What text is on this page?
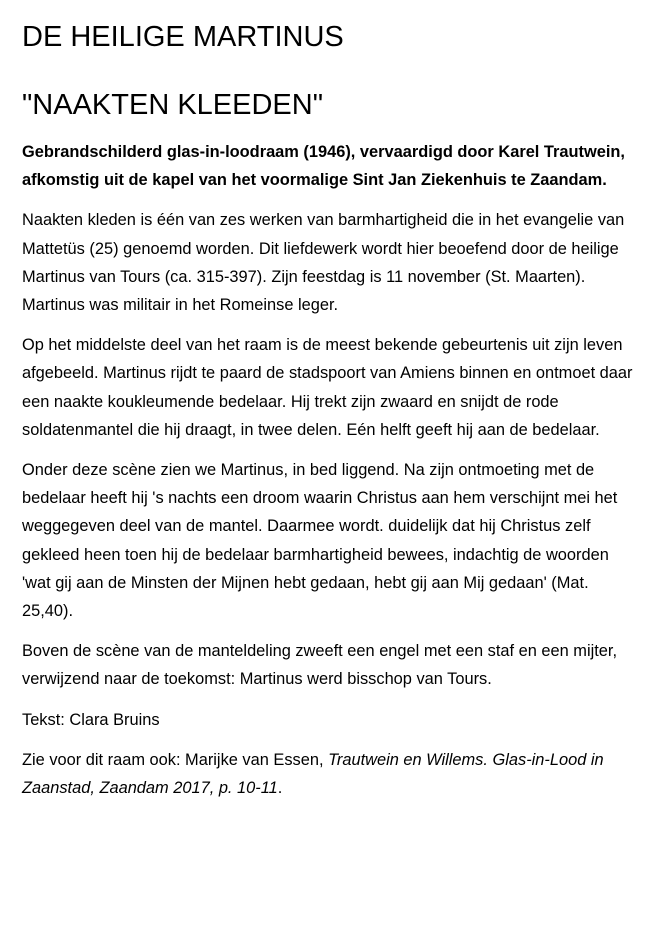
DE HEILIGE MARTINUS
"NAAKTEN KLEEDEN"

Gebrandschilderd glas-in-loodraam (1946), vervaardigd door Karel Trautwein, afkomstig uit de kapel van het voormalige Sint Jan Ziekenhuis te Zaandam.

Naakten kleden is één van zes werken van barmhartigheid die in het evangelie van Mattetüs (25) genoemd worden. Dit liefdewerk wordt hier beoefend door de heilige Martinus van Tours (ca. 315-397). Zijn feestdag is 11 november (St. Maarten). Martinus was militair in het Romeinse leger.

Op het middelste deel van het raam is de meest bekende gebeurtenis uit zijn leven afgebeeld. Martinus rijdt te paard de stadspoort van Amiens binnen en ontmoet daar een naakte koukleumende bedelaar. Hij trekt zijn zwaard en snijdt de rode soldatenmantel die hij draagt, in twee delen. Eén helft geeft hij aan de bedelaar.

Onder deze scène zien we Martinus, in bed liggend. Na zijn ontmoeting met de bedelaar heeft hij 's nachts een droom waarin Christus aan hem verschijnt mei het weggegeven deel van de mantel. Daarmee wordt. duidelijk dat hij Christus zelf gekleed heen toen hij de bedelaar barmhartigheid bewees, indachtig de woorden 'wat gij aan de Minsten der Mijnen hebt gedaan, hebt gij aan Mij gedaan' (Mat. 25,40).

Boven de scène van de manteldeling zweeft een engel met een staf en een mijter, verwijzend naar de toekomst: Martinus werd bisschop van Tours.

Tekst: Clara Bruins

Zie voor dit raam ook: Marijke van Essen, Trautwein en Willems. Glas-in-Lood in Zaanstad, Zaandam 2017, p. 10-11.
